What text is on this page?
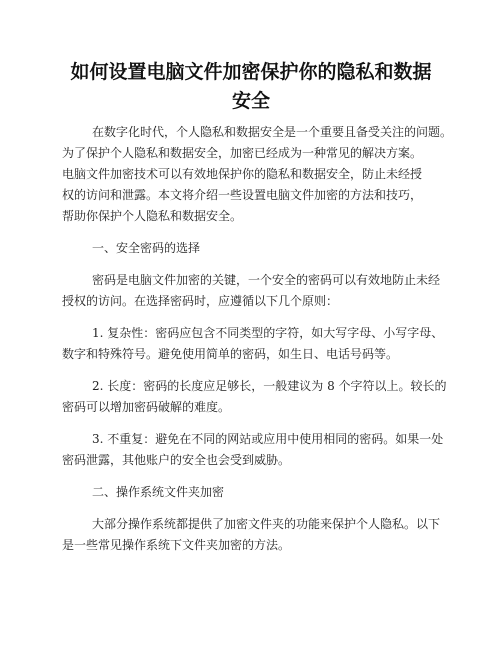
如何设置电脑文件加密保护你的隐私和数据
安全
在数字化时代，个人隐私和数据安全是一个重要且备受关注的问题。
为了保护个人隐私和数据安全，加密已经成为一种常见的解决方案。
电脑文件加密技术可以有效地保护你的隐私和数据安全，防止未经授
权的访问和泄露。本文将介绍一些设置电脑文件加密的方法和技巧，
帮助你保护个人隐私和数据安全。
一、安全密码的选择
密码是电脑文件加密的关键，一个安全的密码可以有效地防止未经
授权的访问。在选择密码时，应遵循以下几个原则：
1. 复杂性：密码应包含不同类型的字符，如大写字母、小写字母、
数字和特殊符号。避免使用简单的密码，如生日、电话号码等。
2. 长度：密码的长度应足够长，一般建议为 8 个字符以上。较长的
密码可以增加密码破解的难度。
3. 不重复：避免在不同的网站或应用中使用相同的密码。如果一处
密码泄露，其他账户的安全也会受到威胁。
二、操作系统文件夹加密
大部分操作系统都提供了加密文件夹的功能来保护个人隐私。以下
是一些常见操作系统下文件夹加密的方法。
